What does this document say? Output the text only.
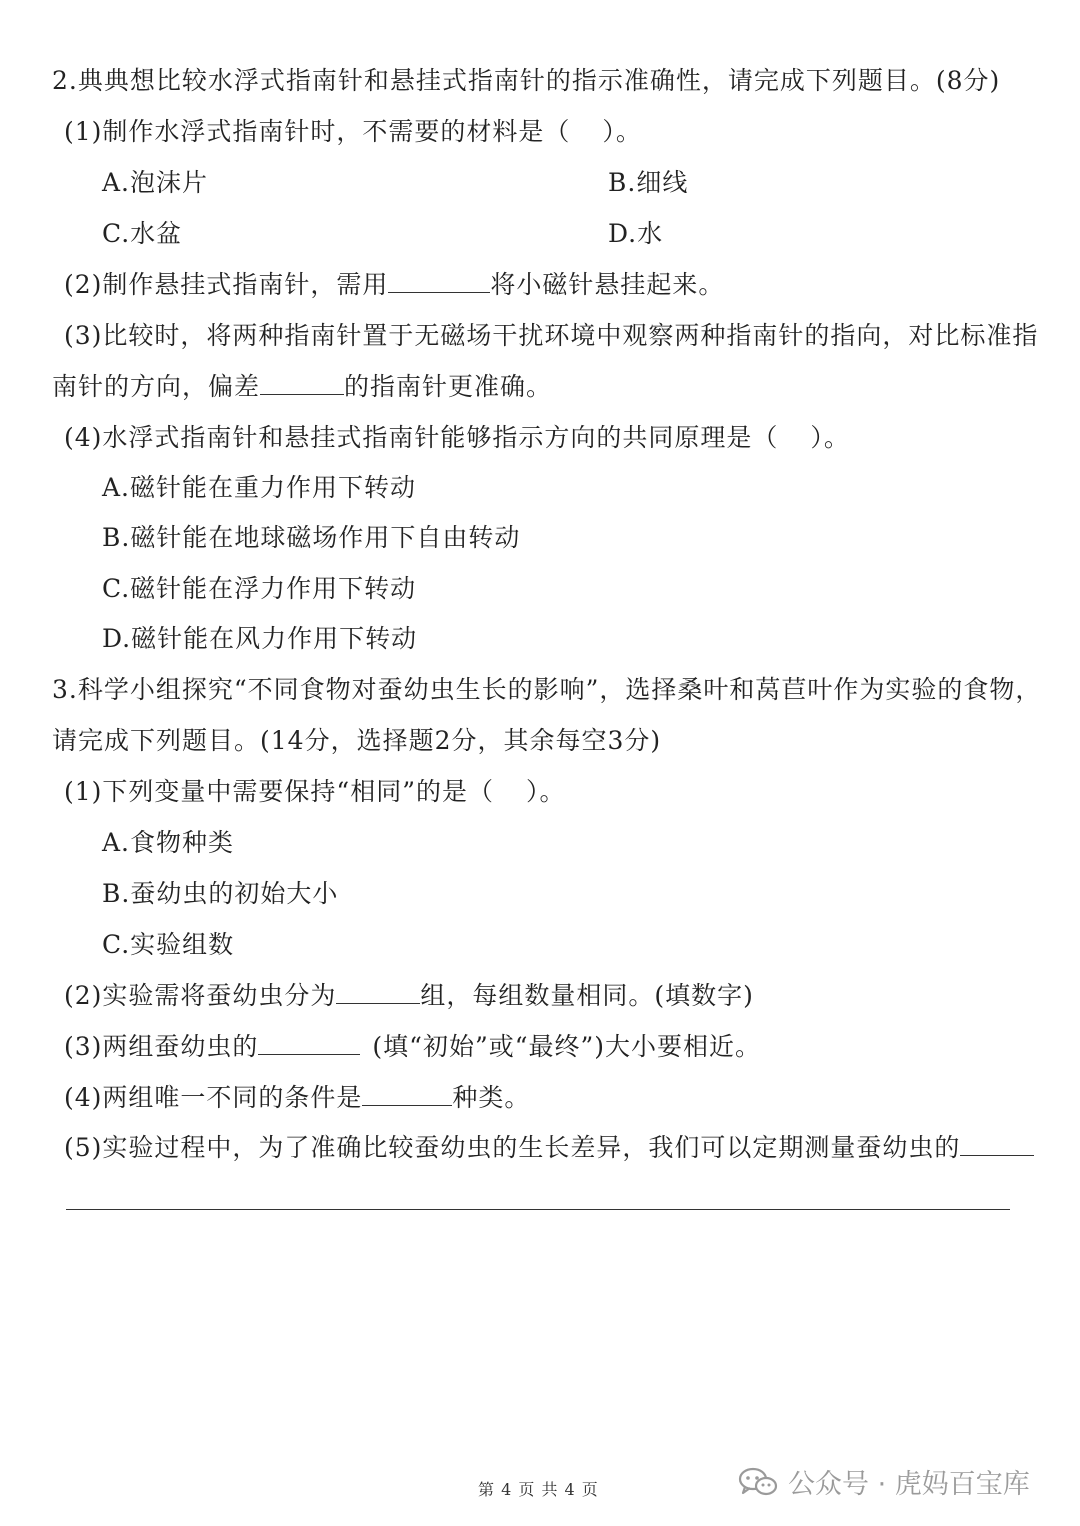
2.典典想比较水浮式指南针和悬挂式指南针的指示准确性，请完成下列题目。(8分)
(1)制作水浮式指南针时，不需要的材料是（ ）。
A.泡沫片	B.细线
C.水盆	D.水
(2)制作悬挂式指南针，需用	将小磁针悬挂起来。
(3)比较时，将两种指南针置于无磁场干扰环境中观察两种指南针的指向，对比标准指
南针的方向，偏差	的指南针更准确。
(4)水浮式指南针和悬挂式指南针能够指示方向的共同原理是（ ）。
A.磁针能在重力作用下转动
B.磁针能在地球磁场作用下自由转动
C.磁针能在浮力作用下转动
D.磁针能在风力作用下转动
3.科学小组探究“不同食物对蚕幼虫生长的影响”，选择桑叶和莴苣叶作为实验的食物，
请完成下列题目。(14分，选择题2分，其余每空3分)
(1)下列变量中需要保持“相同”的是（ ）。
A.食物种类
B.蚕幼虫的初始大小
C.实验组数
(2)实验需将蚕幼虫分为	组，每组数量相同。(填数字)
(3)两组蚕幼虫的	(填“初始”或“最终”)大小要相近。
(4)两组唯一不同的条件是	种类。
(5)实验过程中，为了准确比较蚕幼虫的生长差异，我们可以定期测量蚕幼虫的
第 4 页 共 4 页	公众号 · 虎妈百宝库
